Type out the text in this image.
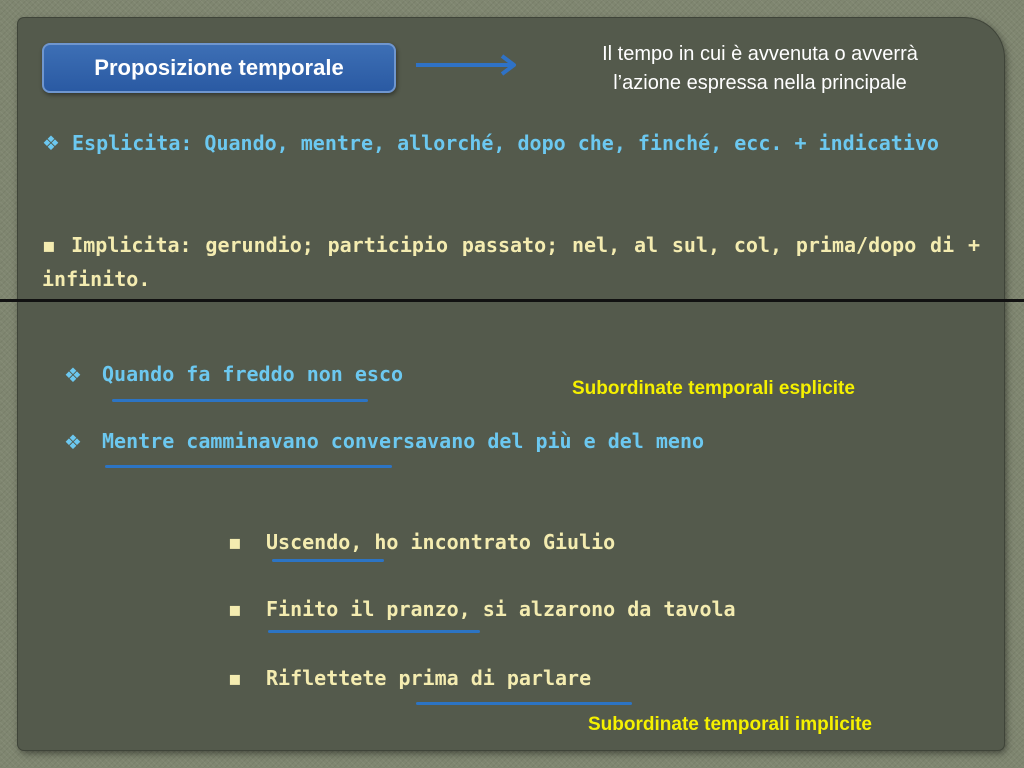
Proposizione temporale
Il tempo in cui è avvenuta o avverrà
l’azione espressa nella principale
❖ Esplicita: Quando, mentre, allorché, dopo che, finché, ecc. + indicativo
▪ Implicita: gerundio; participio passato; nel, al sul, col, prima/dopo di + infinito.
❖ Quando fa freddo non esco
Subordinate temporali esplicite
❖ Mentre camminavano conversavano del più e del meno
▪ Uscendo, ho incontrato Giulio
▪ Finito il pranzo, si alzarono da tavola
▪ Riflettete prima di parlare
Subordinate temporali implicite
